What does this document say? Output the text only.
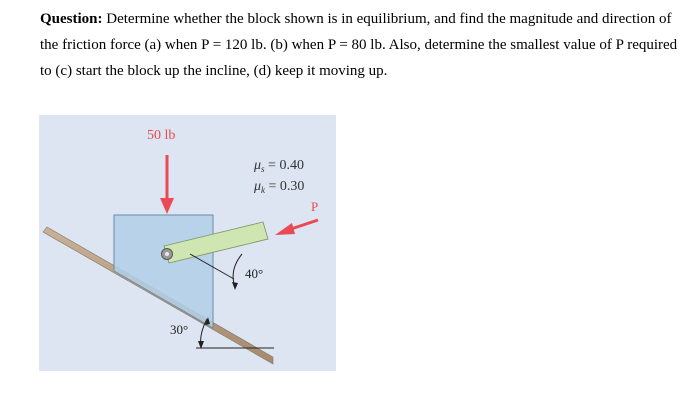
Question: Determine whether the block shown is in equilibrium, and find the magnitude and direction of the friction force (a) when P = 120 lb. (b) when P = 80 lb. Also, determine the smallest value of P required to (c) start the block up the incline, (d) keep it moving up.

50 lb
P
$\mu_s = 0.40$
$\mu_k = 0.30$
40°
30°
